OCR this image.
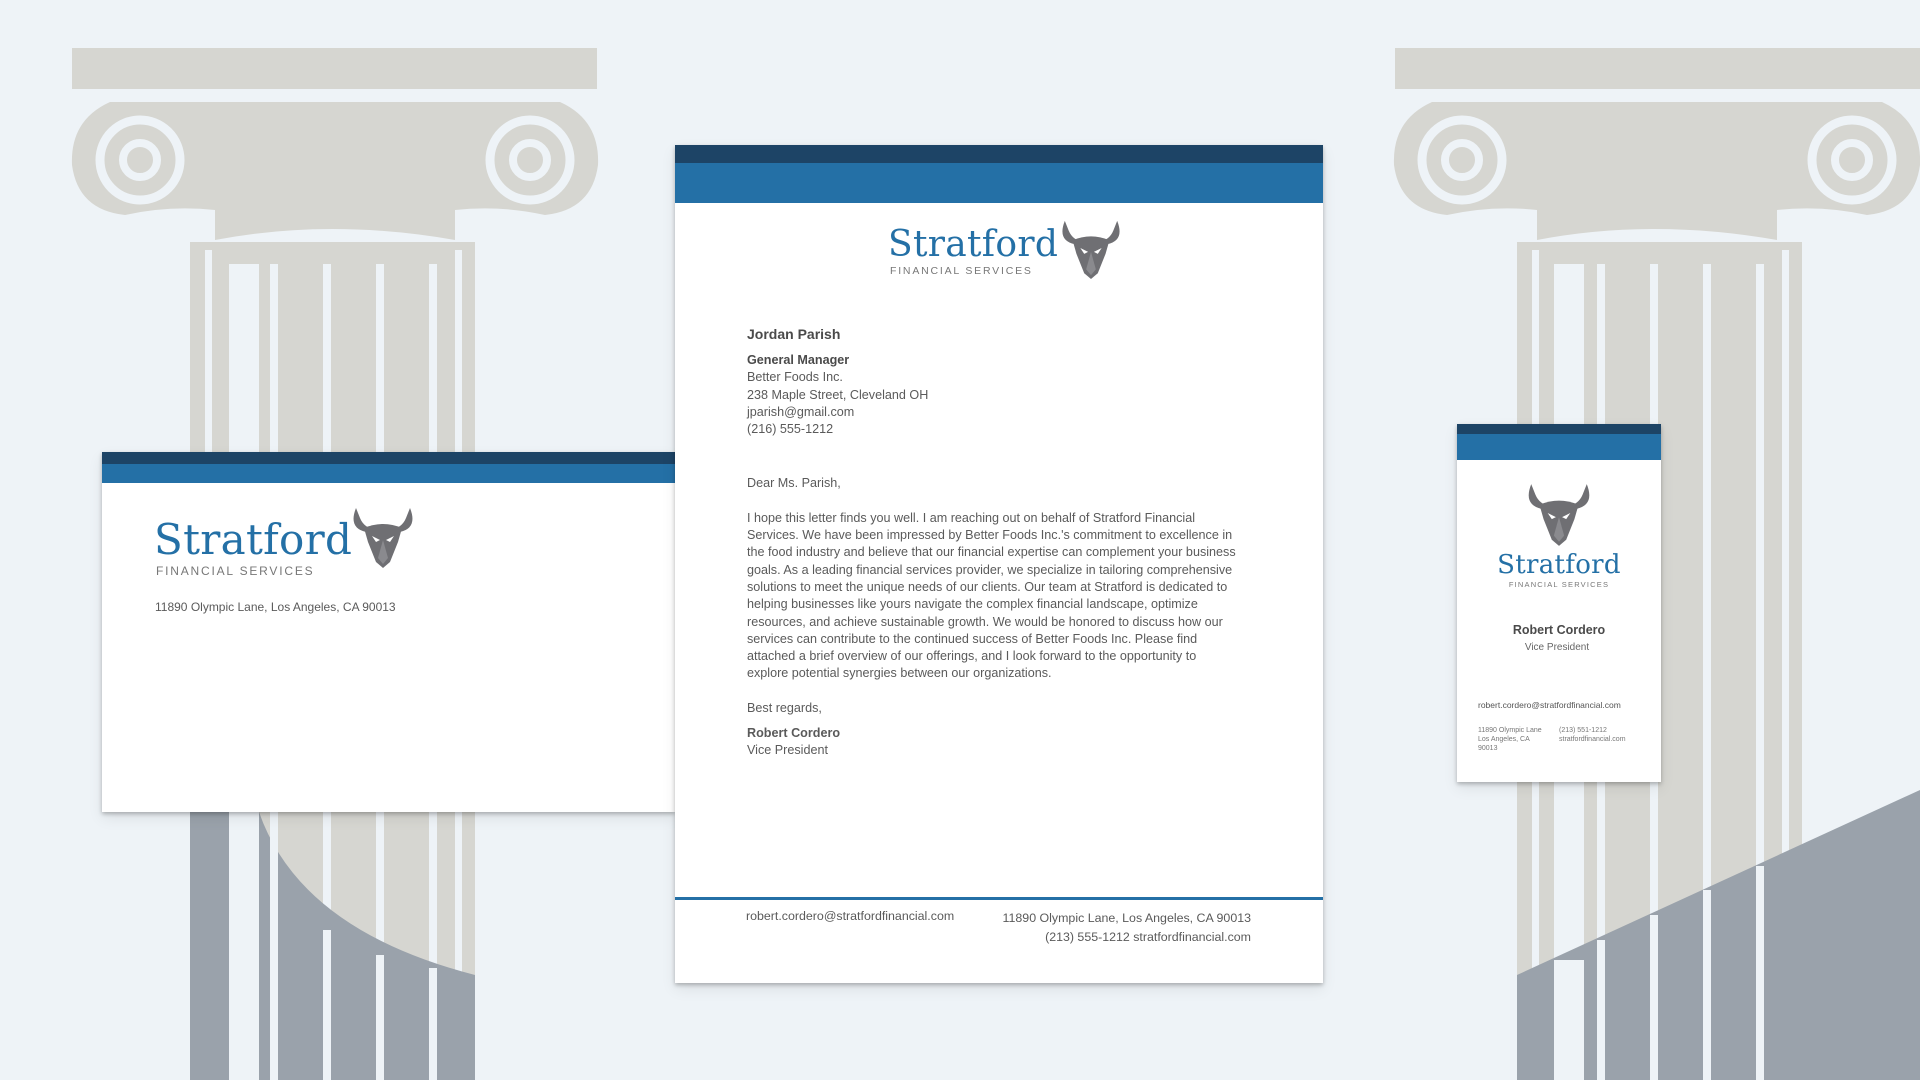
Stratford
FINANCIAL SERVICES
11890 Olympic Lane, Los Angeles, CA 90013
Stratford
FINANCIAL SERVICES

Jordan Parish

General Manager

Better Foods Inc.

238 Maple Street, Cleveland OH

jparish@gmail.com

(216) 555-1212

Dear Ms. Parish,

I hope this letter finds you well. I am reaching out on behalf of Stratford Financial

Services. We have been impressed by Better Foods Inc.'s commitment to excellence in

the food industry and believe that our financial expertise can complement your business

goals. As a leading financial services provider, we specialize in tailoring comprehensive

solutions to meet the unique needs of our clients. Our team at Stratford is dedicated to

helping businesses like yours navigate the complex financial landscape, optimize

resources, and achieve sustainable growth. We would be honored to discuss how our

services can contribute to the continued success of Better Foods Inc. Please find

attached a brief overview of our offerings, and I look forward to the opportunity to

explore potential synergies between our organizations.

Best regards,

Robert Cordero

Vice President

robert.cordero@stratfordfinancial.com	11890 Olympic Lane, Los Angeles, CA 90013
(213) 555-1212 stratfordfinancial.com
Stratford
FINANCIAL SERVICES
Robert Cordero
Vice President
robert.cordero@stratfordfinancial.com
11890 Olympic Lane
Los Angeles, CA
90013
(213) 551-1212
stratfordfinancial.com
